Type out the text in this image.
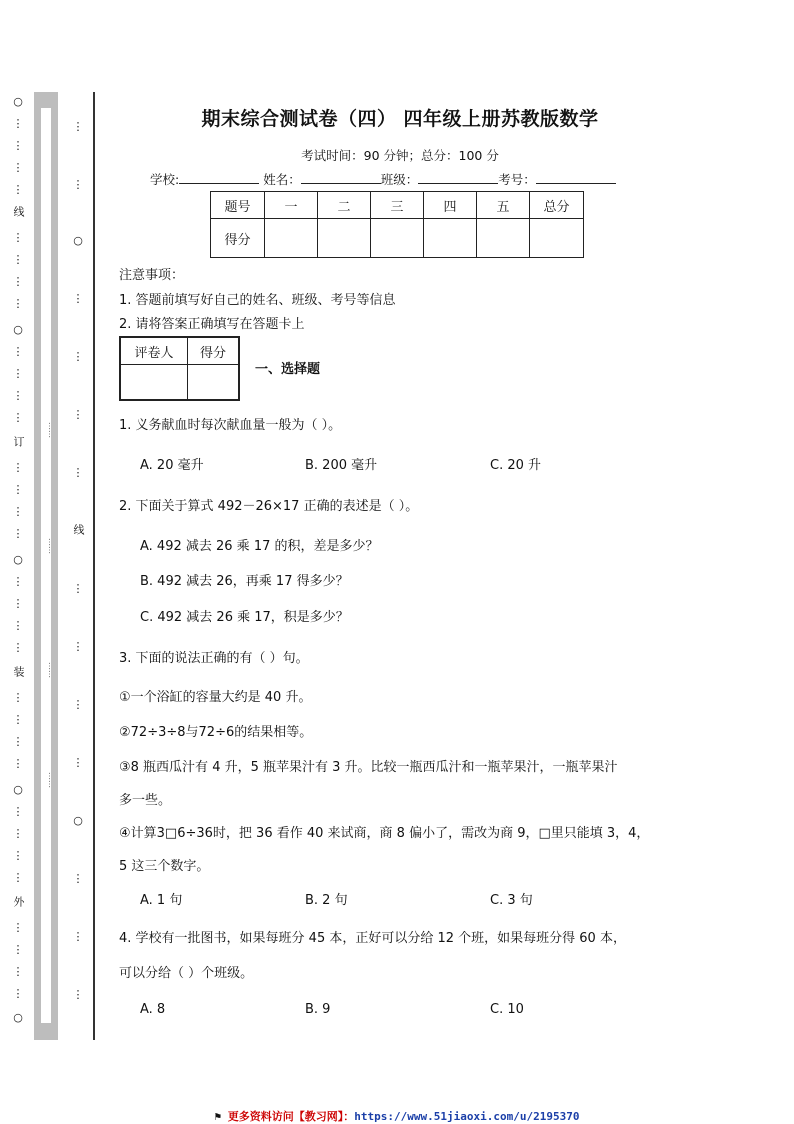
○
⋮
⋮
⋮
⋮
线
⋮
⋮
⋮
⋮
○
⋮
⋮
⋮
⋮
订
⋮
⋮
⋮
⋮
○
⋮
⋮
⋮
⋮
装
⋮
⋮
⋮
⋮
○
⋮
⋮
⋮
⋮
外
⋮
⋮
⋮
⋮
○
⋯⋯
⋯⋯
⋯⋯
⋯⋯
⋮
⋮
○
⋮
⋮
⋮
⋮
线
⋮
⋮
⋮
⋮
○
⋮
⋮
⋮
期末综合测试卷（四） 四年级上册苏教版数学
考试时间：90 分钟；总分：100 分
学校:	姓名：	班级：	考号：
题号	一	二	三	四	五	总分
得分						
注意事项：
1. 答题前填写好自己的姓名、班级、考号等信息
2. 请将答案正确填写在答题卡上
评卷人	得分

一、选择题
1. 义务献血时每次献血量一般为（ ）。
A. 20 毫升	B. 200 毫升	C. 20 升
2. 下面关于算式 492－26×17 正确的表述是（ ）。
A. 492 减去 26 乘 17 的积，差是多少？
B. 492 减去 26，再乘 17 得多少？
C. 492 减去 26 乘 17，积是多少？
3. 下面的说法正确的有（ ）句。
①一个浴缸的容量大约是 40 升。
②72÷3÷8与72÷6的结果相等。
③8 瓶西瓜汁有 4 升，5 瓶苹果汁有 3 升。比较一瓶西瓜汁和一瓶苹果汁，一瓶苹果汁
多一些。
④计算3□6÷36时，把 36 看作 40 来试商，商 8 偏小了，需改为商 9，□里只能填 3，4，
5 这三个数字。
A. 1 句	B. 2 句	C. 3 句
4. 学校有一批图书，如果每班分 45 本，正好可以分给 12 个班，如果每班分得 60 本，
可以分给（ ）个班级。
A. 8	B. 9	C. 10
⚑ 更多资料访问【教习网】：https://www.51jiaoxi.com/u/2195370
